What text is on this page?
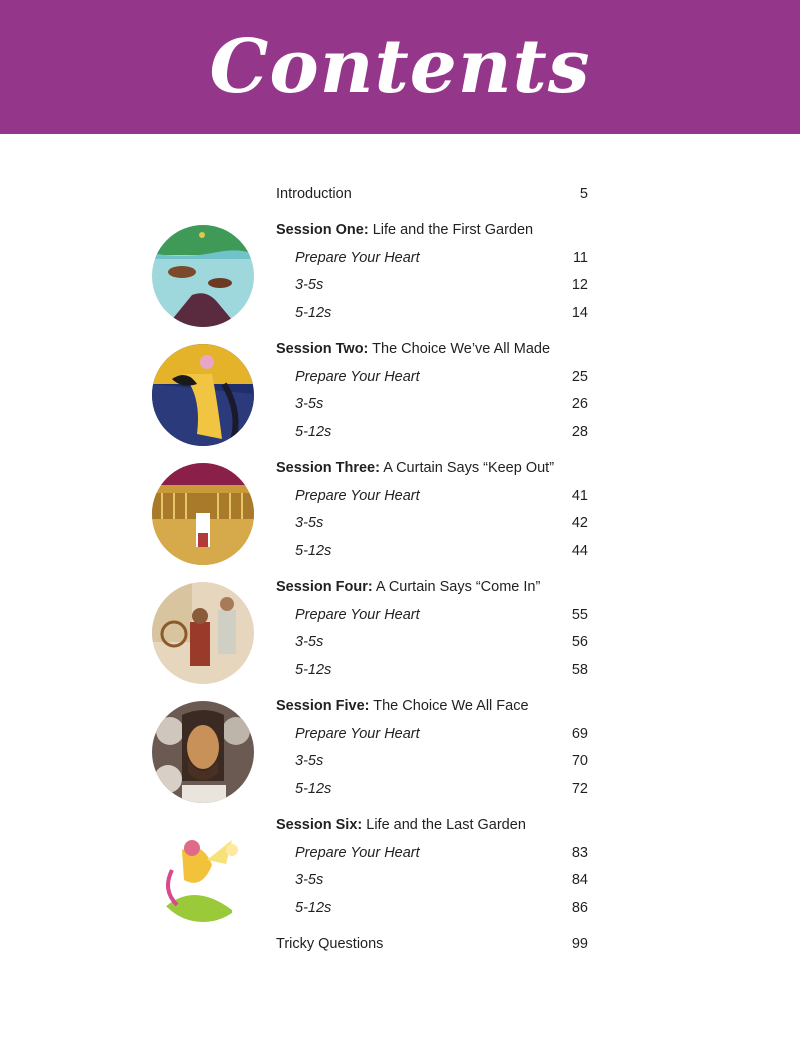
Contents
Introduction	5
Session One: Life and the First Garden
Prepare Your Heart	11
3-5s	12
5-12s	14
Session Two: The Choice We’ve All Made
Prepare Your Heart	25
3-5s	26
5-12s	28
Session Three: A Curtain Says “Keep Out”
Prepare Your Heart	41
3-5s	42
5-12s	44
Session Four: A Curtain Says “Come In”
Prepare Your Heart	55
3-5s	56
5-12s	58
Session Five: The Choice We All Face
Prepare Your Heart	69
3-5s	70
5-12s	72
Session Six: Life and the Last Garden
Prepare Your Heart	83
3-5s	84
5-12s	86
Tricky Questions	99
